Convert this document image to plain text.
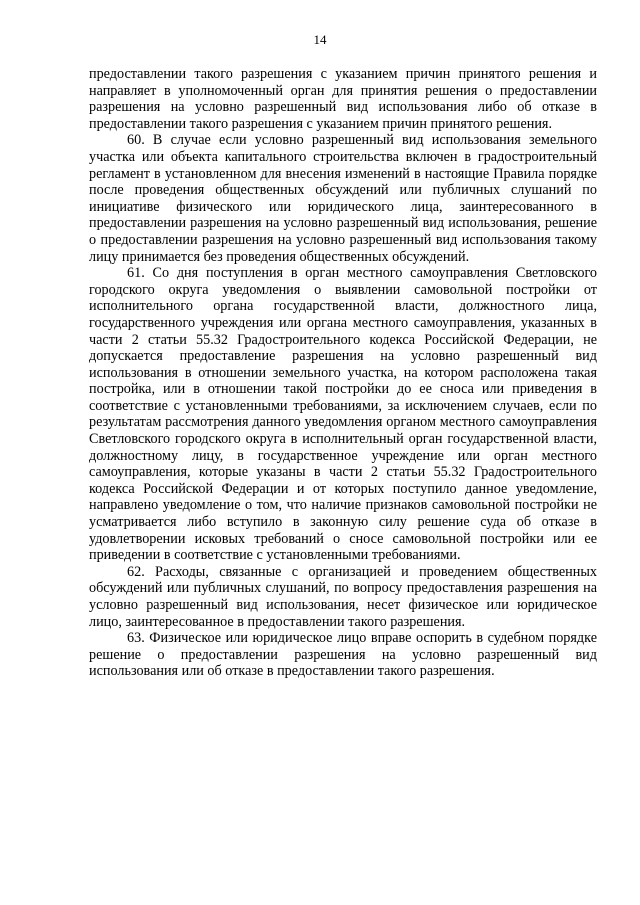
14

предоставлении такого разрешения с указанием причин принятого решения и направляет в уполномоченный орган для принятия решения о предоставлении разрешения на условно разрешенный вид использования либо об отказе в предоставлении такого разрешения с указанием причин принятого решения.

60. В случае если условно разрешенный вид использования земельного участка или объекта капитального строительства включен в градостроительный регламент в установленном для внесения изменений в настоящие Правила порядке после проведения общественных обсуждений или публичных слушаний по инициативе физического или юридического лица, заинтересованного в предоставлении разрешения на условно разрешенный вид использования, решение о предоставлении разрешения на условно разрешенный вид использования такому лицу принимается без проведения общественных обсуждений.

61. Со дня поступления в орган местного самоуправления Светловского городского округа уведомления о выявлении самовольной постройки от исполнительного органа государственной власти, должностного лица, государственного учреждения или органа местного самоуправления, указанных в части 2 статьи 55.32 Градостроительного кодекса Российской Федерации, не допускается предоставление разрешения на условно разрешенный вид использования в отношении земельного участка, на котором расположена такая постройка, или в отношении такой постройки до ее сноса или приведения в соответствие с установленными требованиями, за исключением случаев, если по результатам рассмотрения данного уведомления органом местного самоуправления Светловского городского округа в исполнительный орган государственной власти, должностному лицу, в государственное учреждение или орган местного самоуправления, которые указаны в части 2 статьи 55.32 Градостроительного кодекса Российской Федерации и от которых поступило данное уведомление, направлено уведомление о том, что наличие признаков самовольной постройки не усматривается либо вступило в законную силу решение суда об отказе в удовлетворении исковых требований о сносе самовольной постройки или ее приведении в соответствие с установленными требованиями.

62. Расходы, связанные с организацией и проведением общественных обсуждений или публичных слушаний, по вопросу предоставления разрешения на условно разрешенный вид использования, несет физическое или юридическое лицо, заинтересованное в предоставлении такого разрешения.

63. Физическое или юридическое лицо вправе оспорить в судебном порядке решение о предоставлении разрешения на условно разрешенный вид использования или об отказе в предоставлении такого разрешения.
